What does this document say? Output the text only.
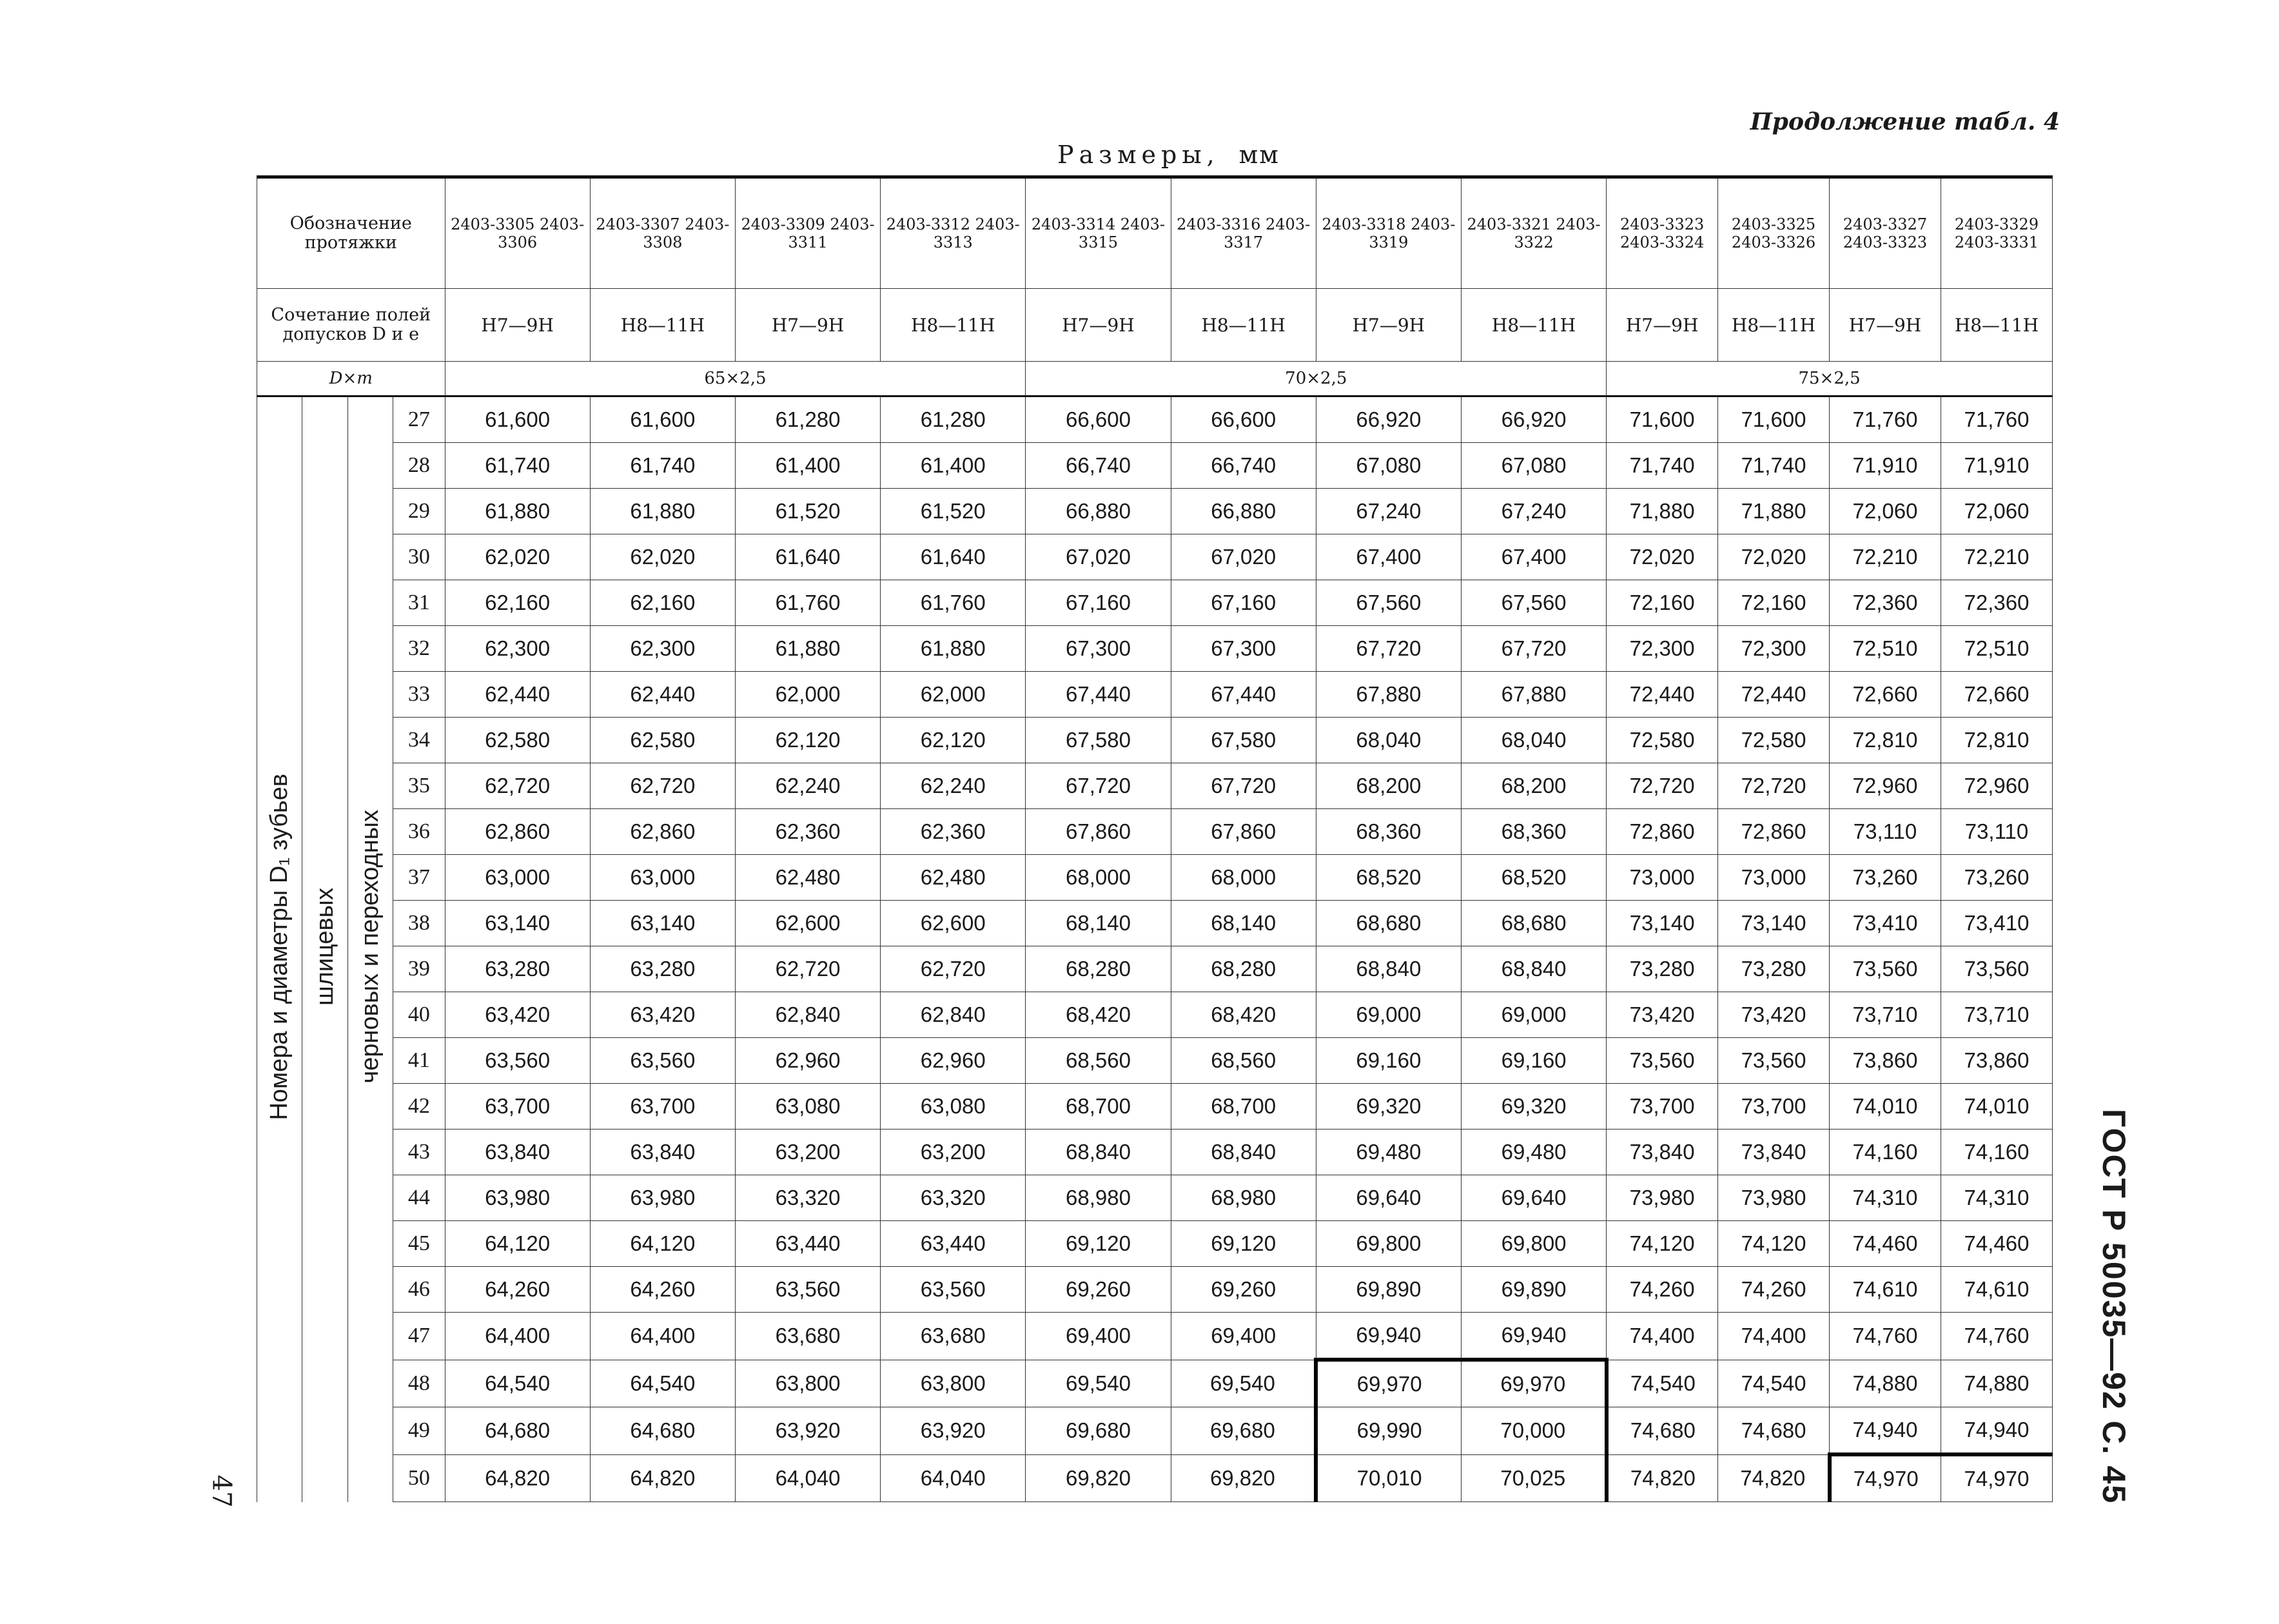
Продолжение табл. 4
Размеры, мм
Обозначение протяжки				2403-3305 2403-3306	2403-3307 2403-3308	2403-3309 2403-3311	2403-3312 2403-3313	2403-3314 2403-3315	2403-3316 2403-3317	2403-3318 2403-3319	2403-3321 2403-3322	2403-3323 2403-3324	2403-3325 2403-3326	2403-3327 2403-3323	2403-3329 2403-3331
Сочетание полей допусков D и e				H7—9H	H8—11H	H7—9H	H8—11H	H7—9H	H8—11H	H7—9H	H8—11H	H7—9H	H8—11H	H7—9H	H8—11H
D×m				65×2,5				70×2,5				75×2,5			
Номера и диаметры D₁ зубьев	шлицевых	черновых и переходных	27	61,600	61,600	61,280	61,280	66,600	66,600	66,920	66,920	71,600	71,600	71,760	71,760
			28	61,740	61,740	61,400	61,400	66,740	66,740	67,080	67,080	71,740	71,740	71,910	71,910
			29	61,880	61,880	61,520	61,520	66,880	66,880	67,240	67,240	71,880	71,880	72,060	72,060
			30	62,020	62,020	61,640	61,640	67,020	67,020	67,400	67,400	72,020	72,020	72,210	72,210
			31	62,160	62,160	61,760	61,760	67,160	67,160	67,560	67,560	72,160	72,160	72,360	72,360
			32	62,300	62,300	61,880	61,880	67,300	67,300	67,720	67,720	72,300	72,300	72,510	72,510
			33	62,440	62,440	62,000	62,000	67,440	67,440	67,880	67,880	72,440	72,440	72,660	72,660
			34	62,580	62,580	62,120	62,120	67,580	67,580	68,040	68,040	72,580	72,580	72,810	72,810
			35	62,720	62,720	62,240	62,240	67,720	67,720	68,200	68,200	72,720	72,720	72,960	72,960
			36	62,860	62,860	62,360	62,360	67,860	67,860	68,360	68,360	72,860	72,860	73,110	73,110
			37	63,000	63,000	62,480	62,480	68,000	68,000	68,520	68,520	73,000	73,000	73,260	73,260
			38	63,140	63,140	62,600	62,600	68,140	68,140	68,680	68,680	73,140	73,140	73,410	73,410
			39	63,280	63,280	62,720	62,720	68,280	68,280	68,840	68,840	73,280	73,280	73,560	73,560
			40	63,420	63,420	62,840	62,840	68,420	68,420	69,000	69,000	73,420	73,420	73,710	73,710
			41	63,560	63,560	62,960	62,960	68,560	68,560	69,160	69,160	73,560	73,560	73,860	73,860
			42	63,700	63,700	63,080	63,080	68,700	68,700	69,320	69,320	73,700	73,700	74,010	74,010
			43	63,840	63,840	63,200	63,200	68,840	68,840	69,480	69,480	73,840	73,840	74,160	74,160
			44	63,980	63,980	63,320	63,320	68,980	68,980	69,640	69,640	73,980	73,980	74,310	74,310
			45	64,120	64,120	63,440	63,440	69,120	69,120	69,800	69,800	74,120	74,120	74,460	74,460
			46	64,260	64,260	63,560	63,560	69,260	69,260	69,890	69,890	74,260	74,260	74,610	74,610
			47	64,400	64,400	63,680	63,680	69,400	69,400	69,940	69,940	74,400	74,400	74,760	74,760
			48	64,540	64,540	63,800	63,800	69,540	69,540	69,970	69,970	74,540	74,540	74,880	74,880
			49	64,680	64,680	63,920	63,920	69,680	69,680	69,990	70,000	74,680	74,680	74,940	74,940
			50	64,820	64,820	64,040	64,040	69,820	69,820	70,010	70,025	74,820	74,820	74,970	74,970 ГОСТ Р 50035—92 С. 45
47
